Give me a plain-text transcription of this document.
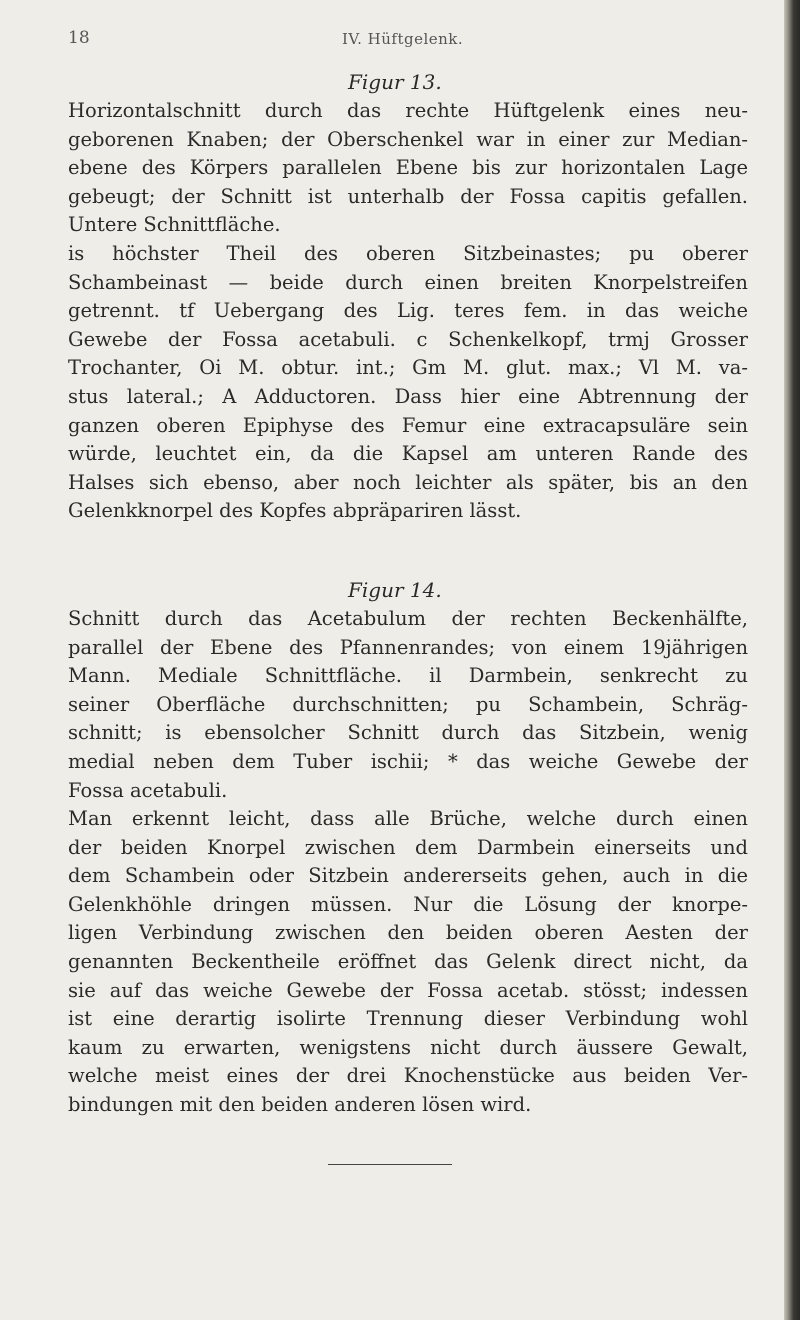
18	IV. Hüftgelenk.
Figur 13.
Horizontalschnitt durch das rechte Hüftgelenk eines neu-
geborenen Knaben; der Oberschenkel war in einer zur Median-
ebene des Körpers parallelen Ebene bis zur horizontalen Lage
gebeugt; der Schnitt ist unterhalb der Fossa capitis gefallen.
Untere Schnittfläche.
is höchster Theil des oberen Sitzbeinastes; pu oberer
Schambeinast — beide durch einen breiten Knorpelstreifen
getrennt. tf Uebergang des Lig. teres fem. in das weiche
Gewebe der Fossa acetabuli. c Schenkelkopf, trmj Grosser
Trochanter, Oi M. obtur. int.; Gm M. glut. max.; Vl M. va-
stus lateral.; A Adductoren. Dass hier eine Abtrennung der
ganzen oberen Epiphyse des Femur eine extracapsuläre sein
würde, leuchtet ein, da die Kapsel am unteren Rande des
Halses sich ebenso, aber noch leichter als später, bis an den
Gelenkknorpel des Kopfes abpräpariren lässt.
Figur 14.
Schnitt durch das Acetabulum der rechten Beckenhälfte,
parallel der Ebene des Pfannenrandes; von einem 19jährigen
Mann. Mediale Schnittfläche. il Darmbein, senkrecht zu
seiner Oberfläche durchschnitten; pu Schambein, Schräg-
schnitt; is ebensolcher Schnitt durch das Sitzbein, wenig
medial neben dem Tuber ischii; * das weiche Gewebe der
Fossa acetabuli.
Man erkennt leicht, dass alle Brüche, welche durch einen
der beiden Knorpel zwischen dem Darmbein einerseits und
dem Schambein oder Sitzbein andererseits gehen, auch in die
Gelenkhöhle dringen müssen. Nur die Lösung der knorpe-
ligen Verbindung zwischen den beiden oberen Aesten der
genannten Beckentheile eröffnet das Gelenk direct nicht, da
sie auf das weiche Gewebe der Fossa acetab. stösst; indessen
ist eine derartig isolirte Trennung dieser Verbindung wohl
kaum zu erwarten, wenigstens nicht durch äussere Gewalt,
welche meist eines der drei Knochenstücke aus beiden Ver-
bindungen mit den beiden anderen lösen wird.
